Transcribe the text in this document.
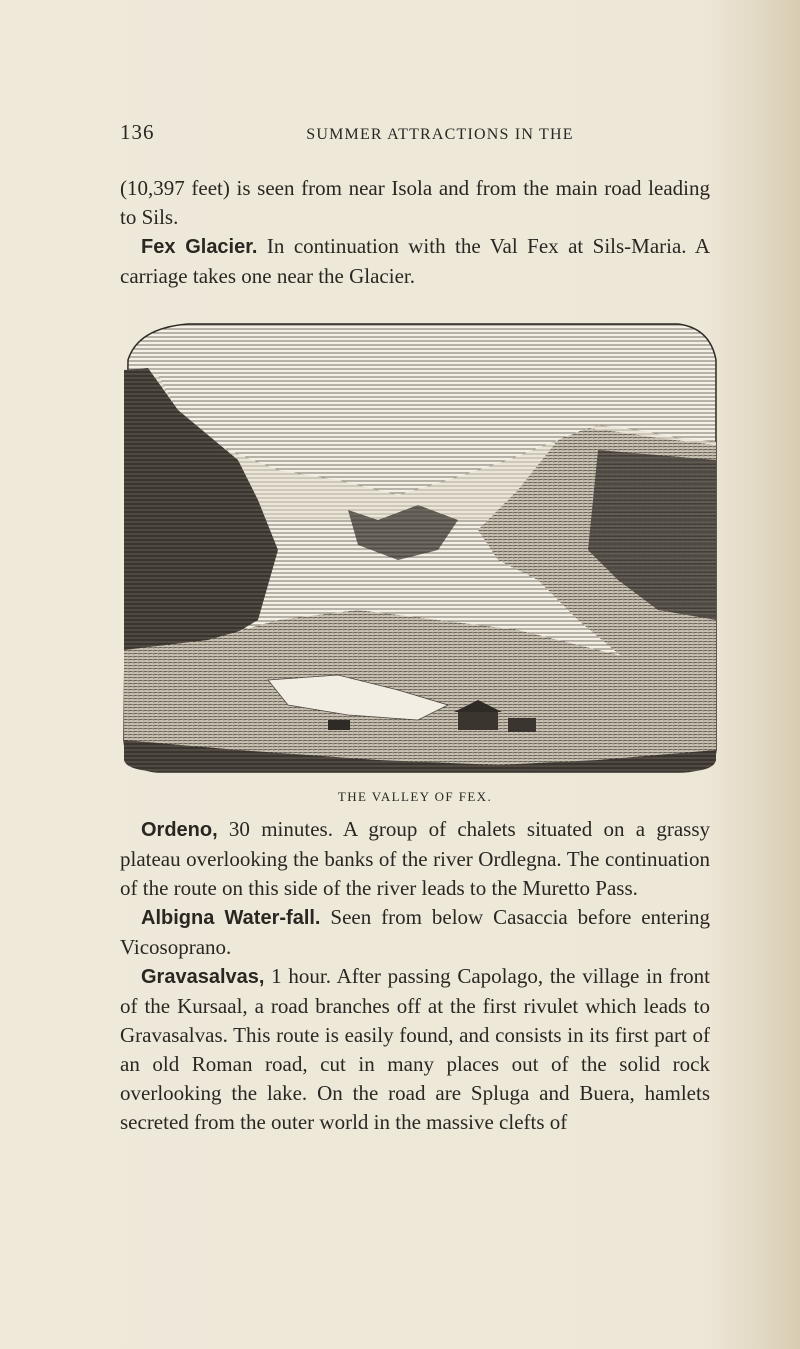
136	SUMMER ATTRACTIONS IN THE

(10,397 feet) is seen from near Isola and from the main road leading to Sils.

Fex Glacier. In continuation with the Val Fex at Sils-Maria. A carriage takes one near the Glacier.

THE VALLEY OF FEX.

Ordeno, 30 minutes. A group of chalets situated on a grassy plateau overlooking the banks of the river Ordlegna. The continuation of the route on this side of the river leads to the Muretto Pass.

Albigna Water-fall. Seen from below Casaccia before entering Vicosoprano.

Gravasalvas, 1 hour. After passing Capolago, the village in front of the Kursaal, a road branches off at the first rivulet which leads to Gravasalvas. This route is easily found, and consists in its first part of an old Roman road, cut in many places out of the solid rock overlooking the lake. On the road are Spluga and Buera, hamlets secreted from the outer world in the massive clefts of
